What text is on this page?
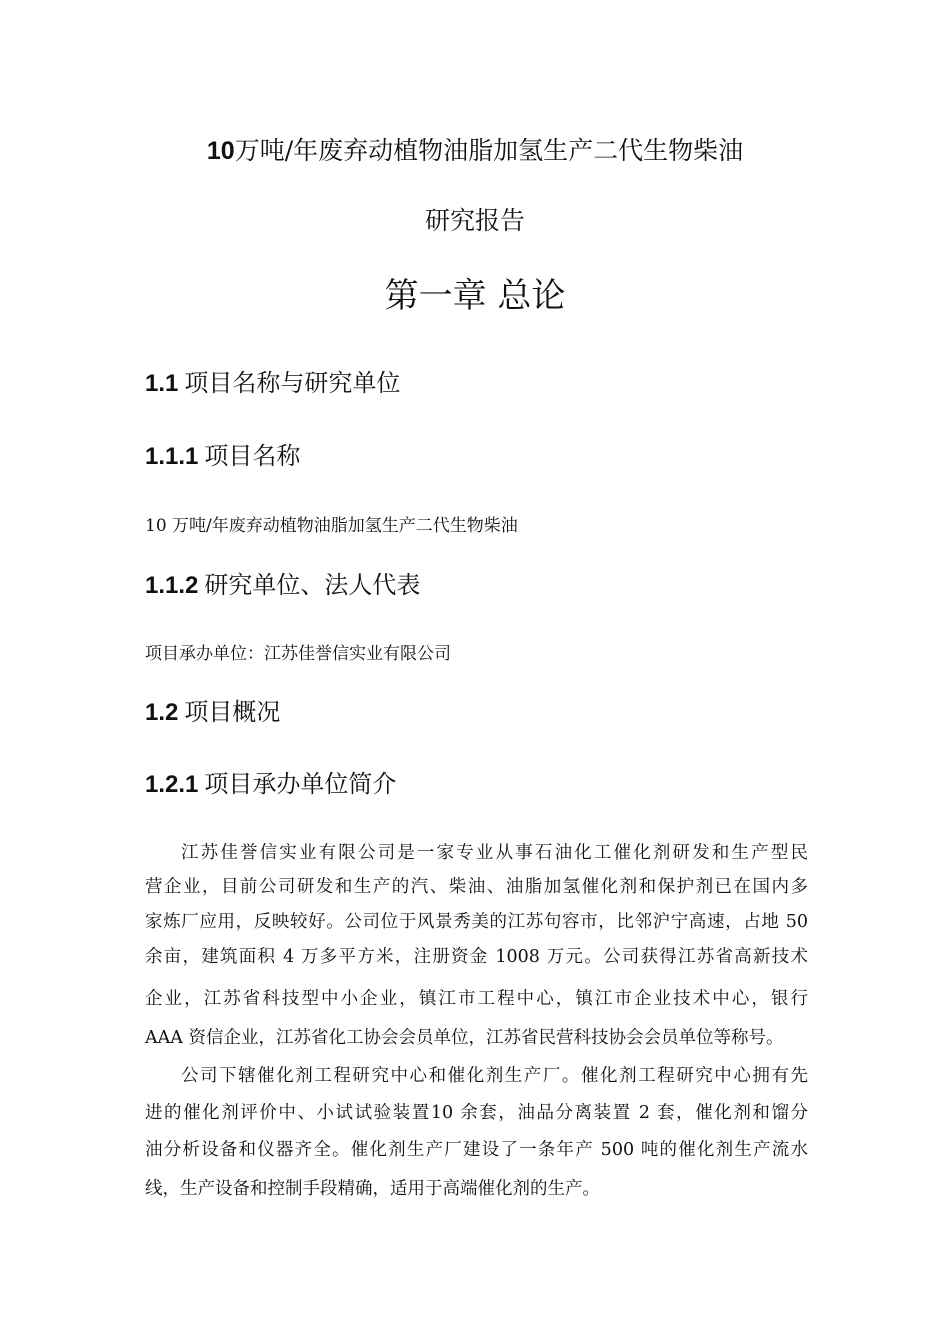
10万吨/年废弃动植物油脂加氢生产二代生物柴油
研究报告
第一章 总论
1.1 项目名称与研究单位
1.1.1 项目名称
10 万吨/年废弃动植物油脂加氢生产二代生物柴油
1.1.2 研究单位、法人代表
项目承办单位：江苏佳誉信实业有限公司
1.2 项目概况
1.2.1 项目承办单位简介
江苏佳誉信实业有限公司是一家专业从事石油化工催化剂研发和生产型民
营企业，目前公司研发和生产的汽、柴油、油脂加氢催化剂和保护剂已在国内多
家炼厂应用，反映较好。公司位于风景秀美的江苏句容市，比邻沪宁高速，占地 50
余亩，建筑面积 4 万多平方米，注册资金 1008 万元。公司获得江苏省高新技术
企业，江苏省科技型中小企业，镇江市工程中心，镇江市企业技术中心，银行
AAA 资信企业，江苏省化工协会会员单位，江苏省民营科技协会会员单位等称号。
公司下辖催化剂工程研究中心和催化剂生产厂。催化剂工程研究中心拥有先
进的催化剂评价中、小试试验装置10 余套，油品分离装置 2 套，催化剂和馏分
油分析设备和仪器齐全。催化剂生产厂建设了一条年产 500 吨的催化剂生产流水
线，生产设备和控制手段精确，适用于高端催化剂的生产。
